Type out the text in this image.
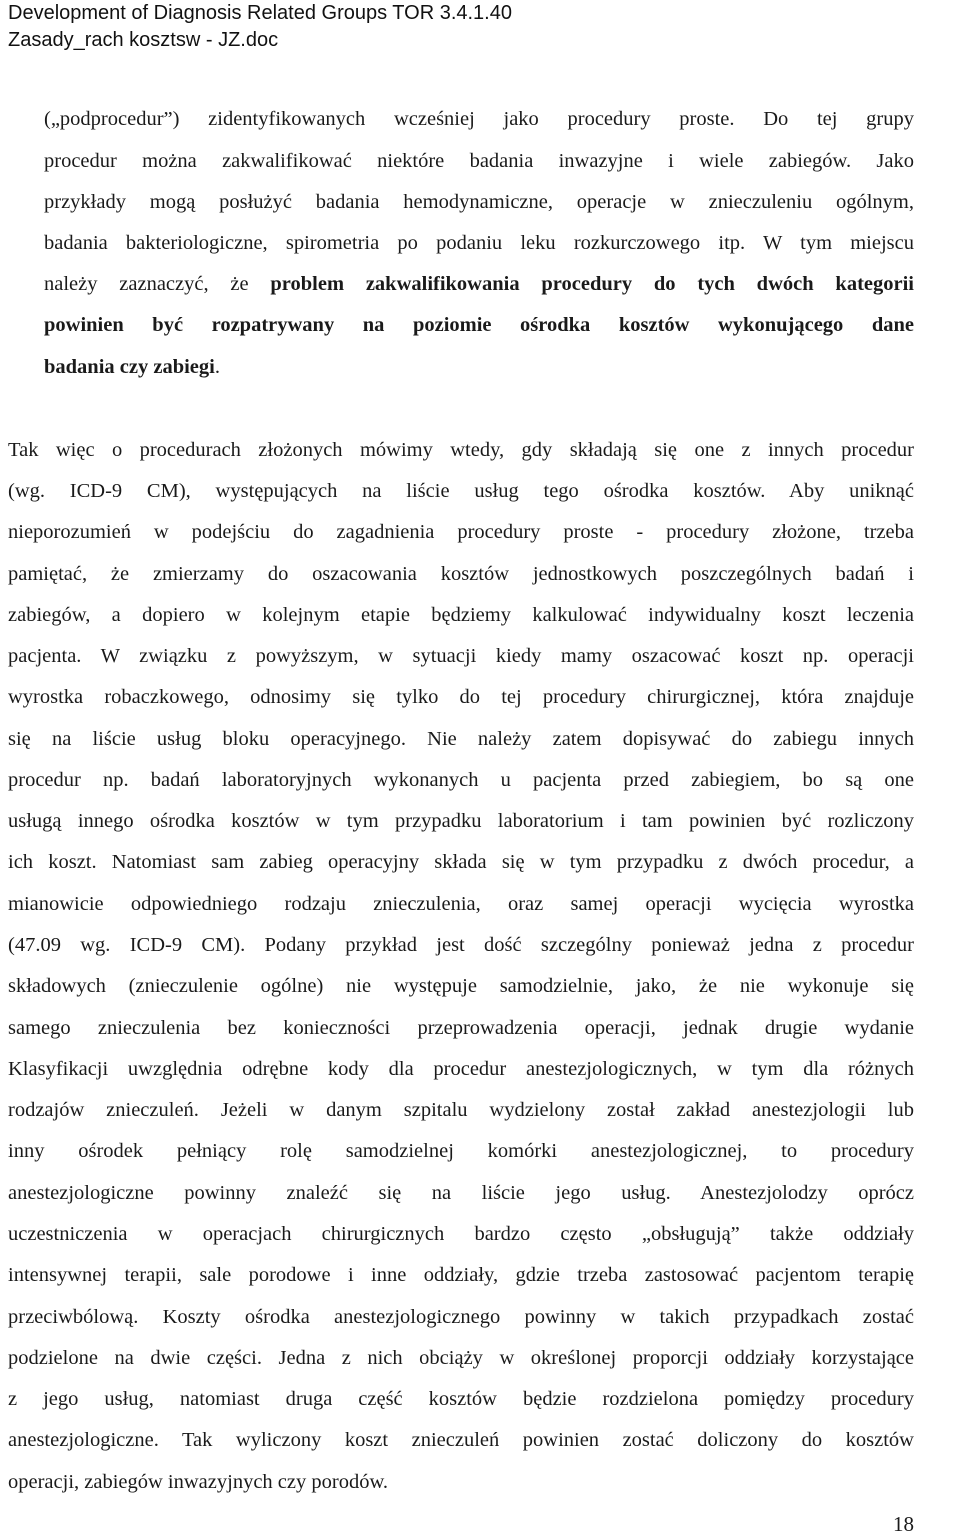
Development of Diagnosis Related Groups TOR 3.4.1.40
Zasady_rach kosztsw - JZ.doc
(„podprocedur”) zidentyfikowanych wcześniej jako procedury proste. Do tej grupy
procedur można zakwalifikować niektóre badania inwazyjne i wiele zabiegów. Jako
przykłady mogą posłużyć badania hemodynamiczne, operacje w znieczuleniu ogólnym,
badania bakteriologiczne, spirometria po podaniu leku rozkurczowego itp. W tym miejscu
należy zaznaczyć, że problem zakwalifikowania procedury do tych dwóch kategorii
powinien być rozpatrywany na poziomie ośrodka kosztów wykonującego dane
badania czy zabiegi.
Tak więc o procedurach złożonych mówimy wtedy, gdy składają się one z innych procedur
(wg. ICD-9 CM), występujących na liście usług tego ośrodka kosztów. Aby uniknąć
nieporozumień w podejściu do zagadnienia procedury proste - procedury złożone, trzeba
pamiętać, że zmierzamy do oszacowania kosztów jednostkowych poszczególnych badań i
zabiegów, a dopiero w kolejnym etapie będziemy kalkulować indywidualny koszt leczenia
pacjenta. W związku z powyższym, w sytuacji kiedy mamy oszacować koszt np. operacji
wyrostka robaczkowego, odnosimy się tylko do tej procedury chirurgicznej, która znajduje
się na liście usług bloku operacyjnego. Nie należy zatem dopisywać do zabiegu innych
procedur np. badań laboratoryjnych wykonanych u pacjenta przed zabiegiem, bo są one
usługą innego ośrodka kosztów w tym przypadku laboratorium i tam powinien być rozliczony
ich koszt. Natomiast sam zabieg operacyjny składa się w tym przypadku z dwóch procedur, a
mianowicie odpowiedniego rodzaju znieczulenia, oraz samej operacji wycięcia wyrostka
(47.09 wg. ICD-9 CM). Podany przykład jest dość szczególny ponieważ jedna z procedur
składowych (znieczulenie ogólne) nie występuje samodzielnie, jako, że nie wykonuje się
samego znieczulenia bez konieczności przeprowadzenia operacji, jednak drugie wydanie
Klasyfikacji uwzględnia odrębne kody dla procedur anestezjologicznych, w tym dla różnych
rodzajów znieczuleń. Jeżeli w danym szpitalu wydzielony został zakład anestezjologii lub
inny ośrodek pełniący rolę samodzielnej komórki anestezjologicznej, to procedury
anestezjologiczne powinny znaleźć się na liście jego usług. Anestezjolodzy oprócz
uczestniczenia w operacjach chirurgicznych bardzo często „obsługują” także oddziały
intensywnej terapii, sale porodowe i inne oddziały, gdzie trzeba zastosować pacjentom terapię
przeciwbólową. Koszty ośrodka anestezjologicznego powinny w takich przypadkach zostać
podzielone na dwie części. Jedna z nich obciąży w określonej proporcji oddziały korzystające
z jego usług, natomiast druga część kosztów będzie rozdzielona pomiędzy procedury
anestezjologiczne. Tak wyliczony koszt znieczuleń powinien zostać doliczony do kosztów
operacji, zabiegów inwazyjnych czy porodów.
18
